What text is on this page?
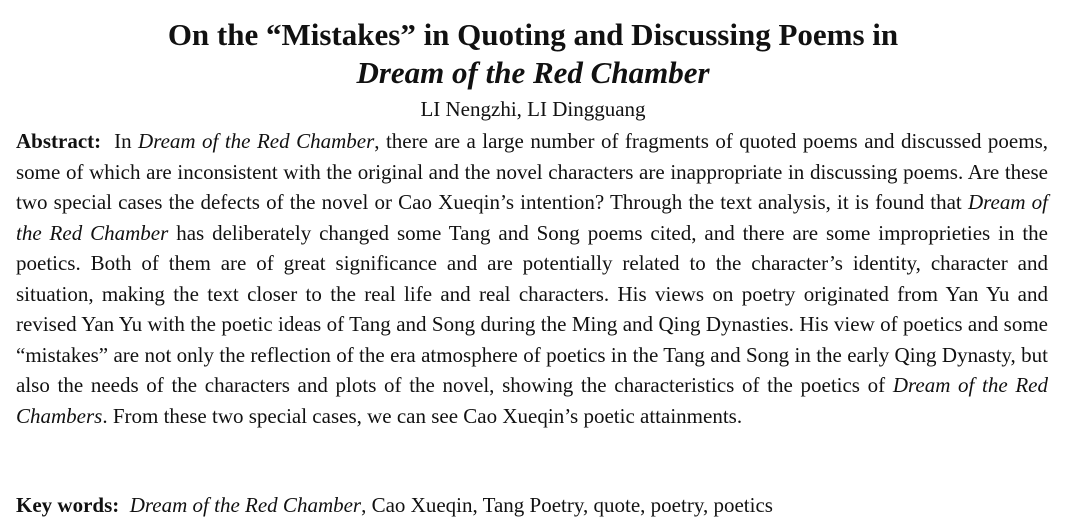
On the “Mistakes” in Quoting and Discussing Poems in
Dream of the Red Chamber

LI Nengzhi, LI Dingguang

Abstract: In Dream of the Red Chamber, there are a large number of fragments of quoted poems and discussed poems, some of which are inconsistent with the original and the novel characters are inappropriate in discussing poems. Are these two special cases the defects of the novel or Cao Xueqin’s intention? Through the text analysis, it is found that Dream of the Red Chamber has deliberately changed some Tang and Song poems cited, and there are some improprieties in the poetics. Both of them are of great significance and are potentially related to the character’s identity, character and situation, making the text closer to the real life and real characters. His views on poetry originated from Yan Yu and revised Yan Yu with the poetic ideas of Tang and Song during the Ming and Qing Dynasties. His view of poetics and some “mistakes” are not only the reflection of the era atmosphere of poetics in the Tang and Song in the early Qing Dynasty, but also the needs of the characters and plots of the novel, showing the characteristics of the poetics of Dream of the Red Chambers. From these two special cases, we can see Cao Xueqin’s poetic attainments.

Key words: Dream of the Red Chamber, Cao Xueqin, Tang Poetry, quote, poetry, poetics
